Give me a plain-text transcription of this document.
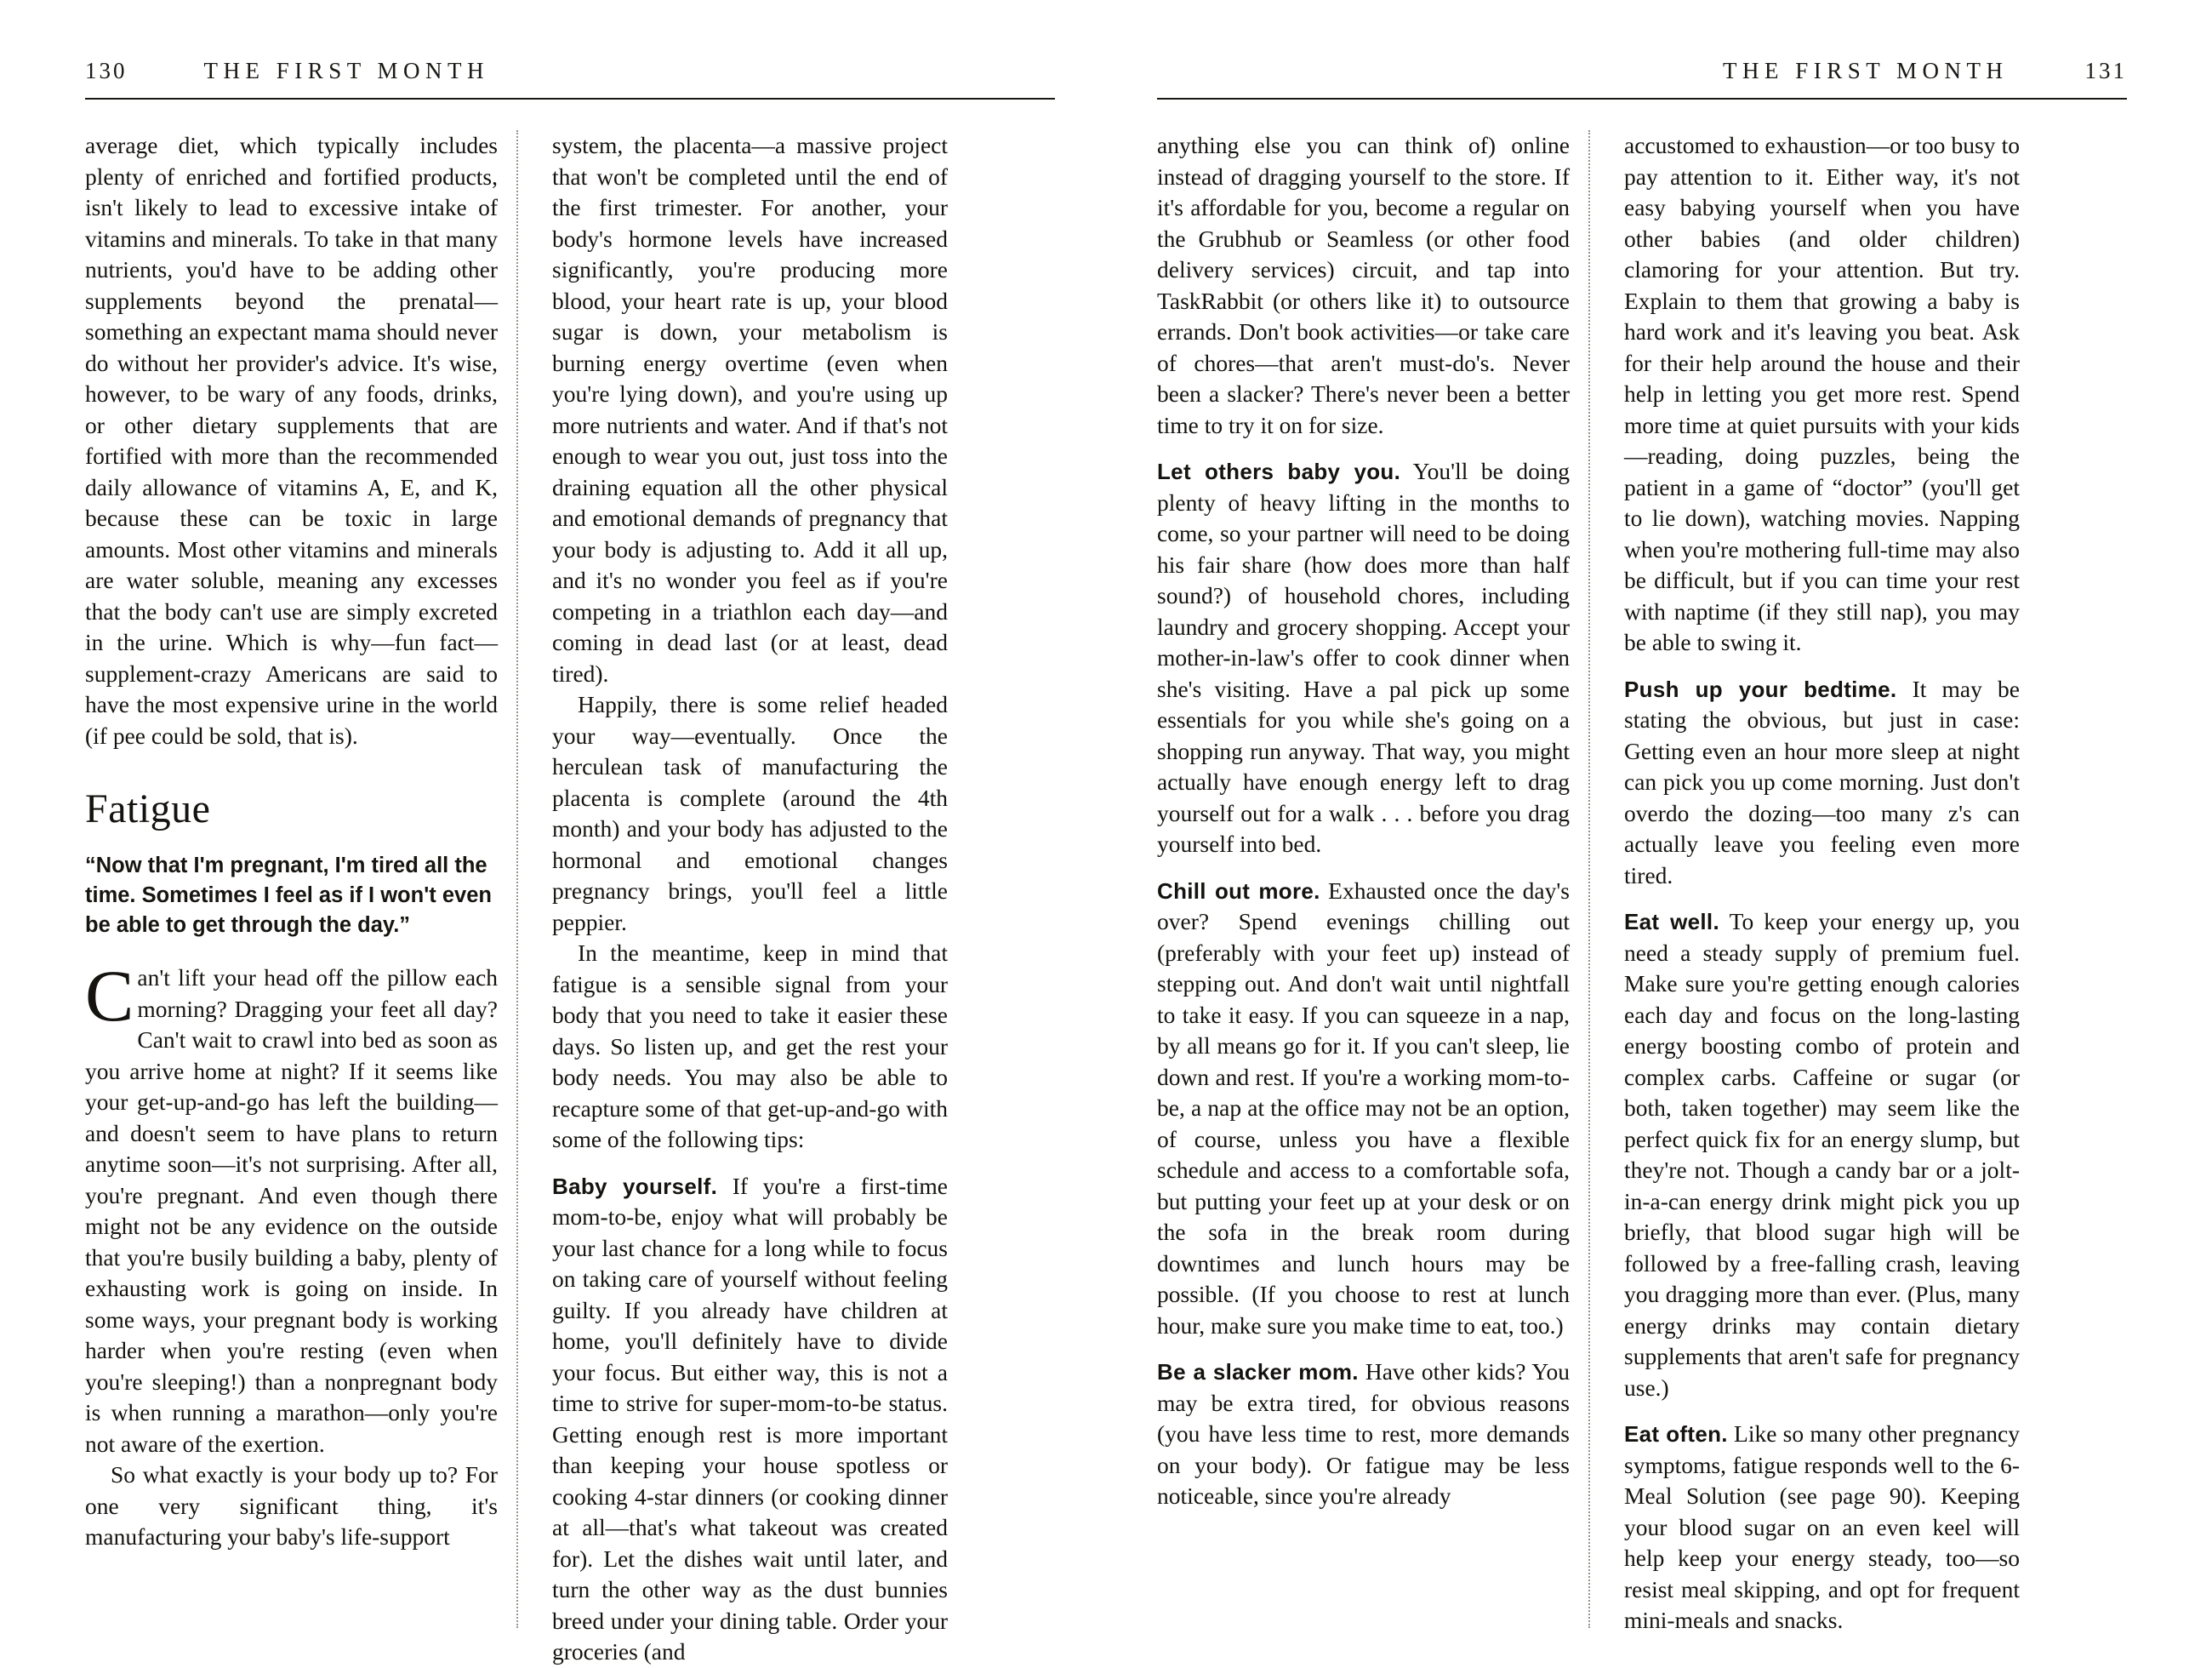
130	THE FIRST MONTH

average diet, which typically includes plenty of enriched and fortified products, isn't likely to lead to excessive intake of vitamins and minerals. To take in that many nutrients, you'd have to be adding other supplements beyond the prenatal—something an expectant mama should never do without her provider's advice. It's wise, however, to be wary of any foods, drinks, or other dietary supplements that are fortified with more than the recommended daily allowance of vitamins A, E, and K, because these can be toxic in large amounts. Most other vitamins and minerals are water soluble, meaning any excesses that the body can't use are simply excreted in the urine. Which is why—fun fact—supplement-crazy Americans are said to have the most expensive urine in the world (if pee could be sold, that is).

Fatigue

“Now that I'm pregnant, I'm tired all the time. Sometimes I feel as if I won't even be able to get through the day.”

Can't lift your head off the pillow each morning? Dragging your feet all day? Can't wait to crawl into bed as soon as you arrive home at night? If it seems like your get-up-and-go has left the building—and doesn't seem to have plans to return anytime soon—it's not surprising. After all, you're pregnant. And even though there might not be any evidence on the outside that you're busily building a baby, plenty of exhausting work is going on inside. In some ways, your pregnant body is working harder when you're resting (even when you're sleeping!) than a nonpregnant body is when running a marathon—only you're not aware of the exertion.

So what exactly is your body up to? For one very significant thing, it's manufacturing your baby's life-support

system, the placenta—a massive project that won't be completed until the end of the first trimester. For another, your body's hormone levels have increased significantly, you're producing more blood, your heart rate is up, your blood sugar is down, your metabolism is burning energy overtime (even when you're lying down), and you're using up more nutrients and water. And if that's not enough to wear you out, just toss into the draining equation all the other physical and emotional demands of pregnancy that your body is adjusting to. Add it all up, and it's no wonder you feel as if you're competing in a triathlon each day—and coming in dead last (or at least, dead tired).

Happily, there is some relief headed your way—eventually. Once the herculean task of manufacturing the placenta is complete (around the 4th month) and your body has adjusted to the hormonal and emotional changes pregnancy brings, you'll feel a little peppier.

In the meantime, keep in mind that fatigue is a sensible signal from your body that you need to take it easier these days. So listen up, and get the rest your body needs. You may also be able to recapture some of that get-up-and-go with some of the following tips:

Baby yourself. If you're a first-time mom-to-be, enjoy what will probably be your last chance for a long while to focus on taking care of yourself without feeling guilty. If you already have children at home, you'll definitely have to divide your focus. But either way, this is not a time to strive for super-mom-to-be status. Getting enough rest is more important than keeping your house spotless or cooking 4-star dinners (or cooking dinner at all—that's what takeout was created for). Let the dishes wait until later, and turn the other way as the dust bunnies breed under your dining table. Order your groceries (and

THE FIRST MONTH	131

anything else you can think of) online instead of dragging yourself to the store. If it's affordable for you, become a regular on the Grubhub or Seamless (or other food delivery services) circuit, and tap into TaskRabbit (or others like it) to outsource errands. Don't book activities—or take care of chores—that aren't must-do's. Never been a slacker? There's never been a better time to try it on for size.

Let others baby you. You'll be doing plenty of heavy lifting in the months to come, so your partner will need to be doing his fair share (how does more than half sound?) of household chores, including laundry and grocery shopping. Accept your mother-in-law's offer to cook dinner when she's visiting. Have a pal pick up some essentials for you while she's going on a shopping run anyway. That way, you might actually have enough energy left to drag yourself out for a walk . . . before you drag yourself into bed.

Chill out more. Exhausted once the day's over? Spend evenings chilling out (preferably with your feet up) instead of stepping out. And don't wait until nightfall to take it easy. If you can squeeze in a nap, by all means go for it. If you can't sleep, lie down and rest. If you're a working mom-to-be, a nap at the office may not be an option, of course, unless you have a flexible schedule and access to a comfortable sofa, but putting your feet up at your desk or on the sofa in the break room during downtimes and lunch hours may be possible. (If you choose to rest at lunch hour, make sure you make time to eat, too.)

Be a slacker mom. Have other kids? You may be extra tired, for obvious reasons (you have less time to rest, more demands on your body). Or fatigue may be less noticeable, since you're already

accustomed to exhaustion—or too busy to pay attention to it. Either way, it's not easy babying yourself when you have other babies (and older children) clamoring for your attention. But try. Explain to them that growing a baby is hard work and it's leaving you beat. Ask for their help around the house and their help in letting you get more rest. Spend more time at quiet pursuits with your kids—reading, doing puzzles, being the patient in a game of “doctor” (you'll get to lie down), watching movies. Napping when you're mothering full-time may also be difficult, but if you can time your rest with naptime (if they still nap), you may be able to swing it.

Push up your bedtime. It may be stating the obvious, but just in case: Getting even an hour more sleep at night can pick you up come morning. Just don't overdo the dozing—too many z's can actually leave you feeling even more tired.

Eat well. To keep your energy up, you need a steady supply of premium fuel. Make sure you're getting enough calories each day and focus on the long-lasting energy boosting combo of protein and complex carbs. Caffeine or sugar (or both, taken together) may seem like the perfect quick fix for an energy slump, but they're not. Though a candy bar or a jolt-in-a-can energy drink might pick you up briefly, that blood sugar high will be followed by a free-falling crash, leaving you dragging more than ever. (Plus, many energy drinks may contain dietary supplements that aren't safe for pregnancy use.)

Eat often. Like so many other pregnancy symptoms, fatigue responds well to the 6-Meal Solution (see page 90). Keeping your blood sugar on an even keel will help keep your energy steady, too—so resist meal skipping, and opt for frequent mini-meals and snacks.
